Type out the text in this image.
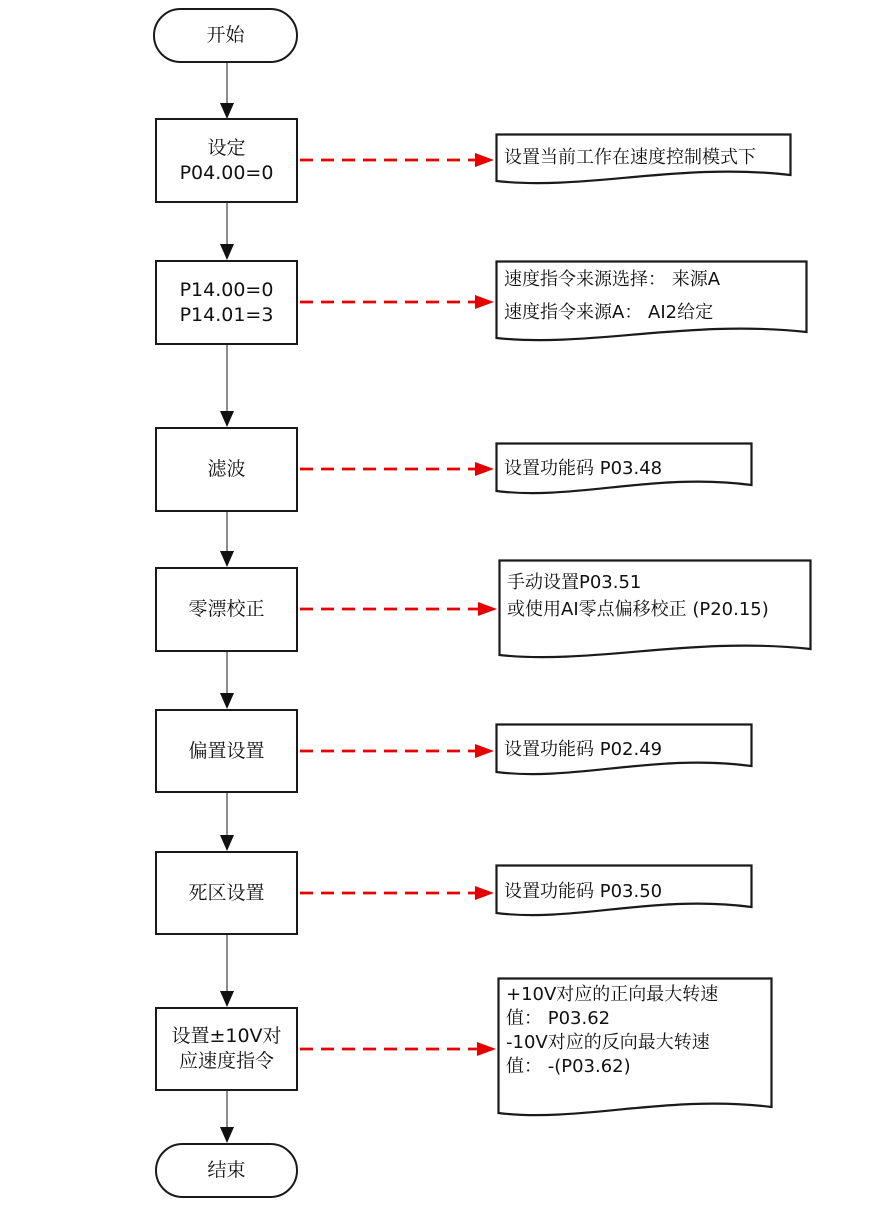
开始
设定
P04.00=0
P14.00=0
P14.01=3
滤波
零漂校正
偏置设置
死区设置
设置±10V对
应速度指令
结束
设置当前工作在速度控制模式下
速度指令来源选择： 来源A
速度指令来源A： AI2给定
设置功能码 P03.48
手动设置P03.51
或使用AI零点偏移校正 (P20.15)
设置功能码 P02.49
设置功能码 P03.50
+10V对应的正向最大转速
值： P03.62
-10V对应的反向最大转速
值： -(P03.62)
